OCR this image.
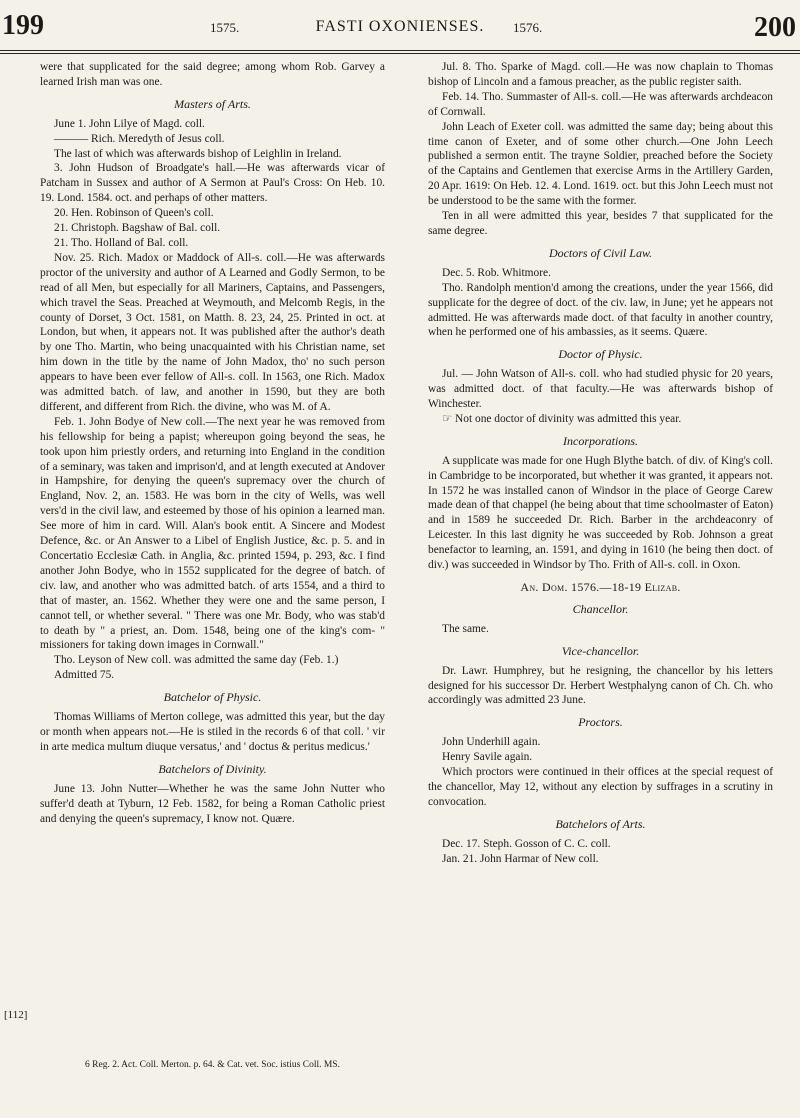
199	1575.	FASTI OXONIENSES.	1576.	200

were that supplicated for the said degree; among whom Rob. Garvey a learned Irish man was one.

Masters of Arts.

June 1. John Lilye of Magd. coll.

——— Rich. Meredyth of Jesus coll.

The last of which was afterwards bishop of Leighlin in Ireland.

3. John Hudson of Broadgate's hall.—He was afterwards vicar of Patcham in Sussex and author of A Sermon at Paul's Cross: On Heb. 10. 19. Lond. 1584. oct. and perhaps of other matters.

20. Hen. Robinson of Queen's coll.

21. Christoph. Bagshaw of Bal. coll.

21. Tho. Holland of Bal. coll.

Nov. 25. Rich. Madox or Maddock of All-s. coll.—He was afterwards proctor of the university and author of A Learned and Godly Sermon, to be read of all Men, but especially for all Mariners, Captains, and Passengers, which travel the Seas. Preached at Weymouth, and Melcomb Regis, in the county of Dorset, 3 Oct. 1581, on Matth. 8. 23, 24, 25. Printed in oct. at London, but when, it appears not. It was published after the author's death by one Tho. Martin, who being unacquainted with his Christian name, set him down in the title by the name of John Madox, tho' no such person appears to have been ever fellow of All-s. coll. In 1563, one Rich. Madox was admitted batch. of law, and another in 1590, but they are both different, and different from Rich. the divine, who was M. of A.

Feb. 1. John Bodye of New coll.—The next year he was removed from his fellowship for being a papist; whereupon going beyond the seas, he took upon him priestly orders, and returning into England in the condition of a seminary, was taken and imprison'd, and at length executed at Andover in Hampshire, for denying the queen's supremacy over the church of England, Nov. 2, an. 1583. He was born in the city of Wells, was well vers'd in the civil law, and esteemed by those of his opinion a learned man. See more of him in card. Will. Alan's book entit. A Sincere and Modest Defence, &c. or An Answer to a Libel of English Justice, &c. p. 5. and in Concertatio Ecclesiæ Cath. in Anglia, &c. printed 1594, p. 293, &c. I find another John Bodye, who in 1552 supplicated for the degree of batch. of civ. law, and another who was admitted batch. of arts 1554, and a third to that of master, an. 1562. Whether they were one and the same person, I cannot tell, or whether several. " There was one Mr. Body, who was stab'd to death by " a priest, an. Dom. 1548, being one of the king's com- " missioners for taking down images in Cornwall."

Tho. Leyson of New coll. was admitted the same day (Feb. 1.)

Admitted 75.

Batchelor of Physic.

Thomas Williams of Merton college, was admitted this year, but the day or month when appears not.—He is stiled in the records 6 of that coll. ' vir in arte medica multum diuque versatus,' and ' doctus & peritus medicus.'

Batchelors of Divinity.

June 13. John Nutter—Whether he was the same John Nutter who suffer'd death at Tyburn, 12 Feb. 1582, for being a Roman Catholic priest and denying the queen's supremacy, I know not. Quære.

[112]
6 Reg. 2. Act. Coll. Merton. p. 64. & Cat. vet. Soc. istius Coll. MS.

Jul. 8. Tho. Sparke of Magd. coll.—He was now chaplain to Thomas bishop of Lincoln and a famous preacher, as the public register saith.

Feb. 14. Tho. Summaster of All-s. coll.—He was afterwards archdeacon of Cornwall.

John Leach of Exeter coll. was admitted the same day; being about this time canon of Exeter, and of some other church.—One John Leech published a sermon entit. The trayne Soldier, preached before the Society of the Captains and Gentlemen that exercise Arms in the Artillery Garden, 20 Apr. 1619: On Heb. 12. 4. Lond. 1619. oct. but this John Leech must not be understood to be the same with the former.

Ten in all were admitted this year, besides 7 that supplicated for the same degree.

Doctors of Civil Law.

Dec. 5. Rob. Whitmore.

Tho. Randolph mention'd among the creations, under the year 1566, did supplicate for the degree of doct. of the civ. law, in June; yet he appears not admitted. He was afterwards made doct. of that faculty in another country, when he performed one of his ambassies, as it seems. Quære.

Doctor of Physic.

Jul. — John Watson of All-s. coll. who had studied physic for 20 years, was admitted doct. of that faculty.—He was afterwards bishop of Winchester.

☞ Not one doctor of divinity was admitted this year.

Incorporations.

A supplicate was made for one Hugh Blythe batch. of div. of King's coll. in Cambridge to be incorporated, but whether it was granted, it appears not. In 1572 he was installed canon of Windsor in the place of George Carew made dean of that chappel (he being about that time schoolmaster of Eaton) and in 1589 he succeeded Dr. Rich. Barber in the archdeaconry of Leicester. In this last dignity he was succeeded by Rob. Johnson a great benefactor to learning, an. 1591, and dying in 1610 (he being then doct. of div.) was succeeded in Windsor by Tho. Frith of All-s. coll. in Oxon.

An. Dom. 1576.—18-19 Elizab.
Chancellor.

The same.

Vice-chancellor.

Dr. Lawr. Humphrey, but he resigning, the chancellor by his letters designed for his successor Dr. Herbert Westphalyng canon of Ch. Ch. who accordingly was admitted 23 June.

Proctors.

John Underhill again.

Henry Savile again.

Which proctors were continued in their offices at the special request of the chancellor, May 12, without any election by suffrages in a scrutiny in convocation.

Batchelors of Arts.

Dec. 17. Steph. Gosson of C. C. coll.

Jan. 21. John Harmar of New coll.
